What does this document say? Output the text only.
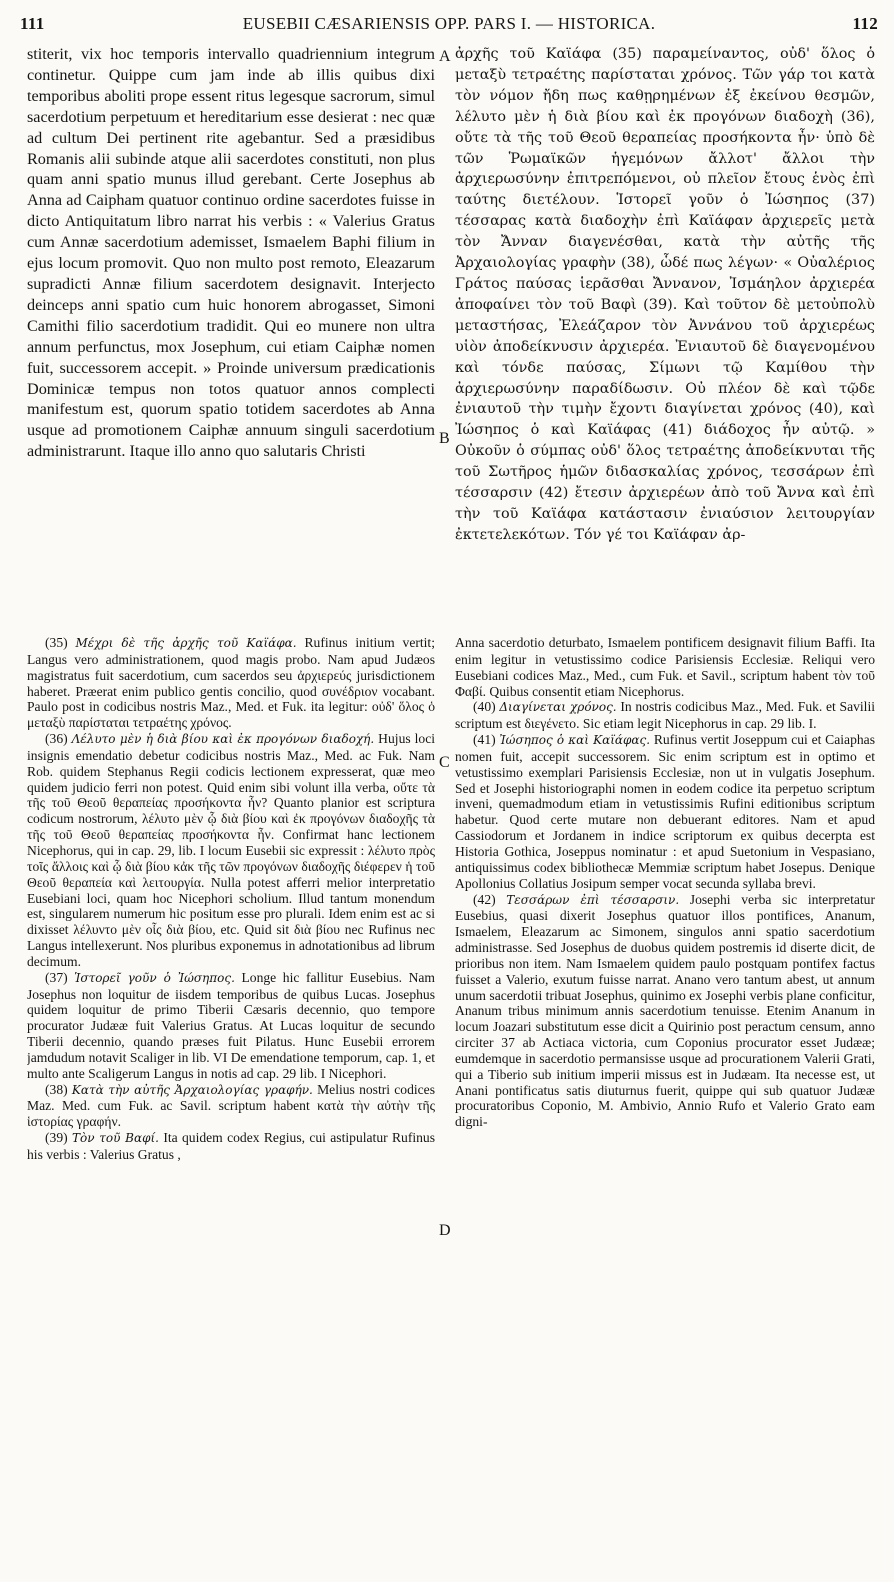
111	EUSEBII CÆSARIENSIS OPP. PARS I. — HISTORICA.	112

stiterit, vix hoc temporis intervallo quadriennium integrum continetur. Quippe cum jam inde ab illis quibus dixi temporibus aboliti prope essent ritus legesque sacrorum, simul sacerdotium perpetuum et hereditarium esse desierat : nec quæ ad cultum Dei pertinent rite agebantur. Sed a præsidibus Romanis alii subinde atque alii sacerdotes constituti, non plus quam anni spatio munus illud gerebant. Certe Josephus ab Anna ad Caipham quatuor continuo ordine sacerdotes fuisse in dicto Antiquitatum libro narrat his verbis : « Valerius Gratus cum Annæ sacerdotium ademisset, Ismaelem Baphi filium in ejus locum promovit. Quo non multo post remoto, Eleazarum supradicti Annæ filium sacerdotem designavit. Interjecto deinceps anni spatio cum huic honorem abrogasset, Simoni Camithi filio sacerdotium tradidit. Qui eo munere non ultra annum perfunctus, mox Josephum, cui etiam Caiphæ nomen fuit, successorem accepit. » Proinde universum prædicationis Dominicæ tempus non totos quatuor annos complecti manifestum est, quorum spatio totidem sacerdotes ab Anna usque ad promotionem Caiphæ annuum singuli sacerdotium administrarunt. Itaque illo anno quo salutaris Christi

ἀρχῆς τοῦ Καϊάφα (35) παραμείναντος, οὐδ' ὅλος ὁ μεταξὺ τετραέτης παρίσταται χρόνος. Τῶν γάρ τοι κατὰ τὸν νόμον ἤδη πως καθῃρημένων ἐξ ἐκείνου θεσμῶν, λέλυτο μὲν ἡ διὰ βίου καὶ ἐκ προγόνων διαδοχὴ (36), οὔτε τὰ τῆς τοῦ Θεοῦ θεραπείας προσήκοντα ἦν· ὑπὸ δὲ τῶν Ῥωμαϊκῶν ἡγεμόνων ἄλλοτ' ἄλλοι τὴν ἀρχιερωσύνην ἐπιτρεπόμενοι, οὐ πλεῖον ἔτους ἑνὸς ἐπὶ ταύτης διετέλουν. Ἱστορεῖ γοῦν ὁ Ἰώσηπος (37) τέσσαρας κατὰ διαδοχὴν ἐπὶ Καϊάφαν ἀρχιερεῖς μετὰ τὸν Ἄνναν διαγενέσθαι, κατὰ τὴν αὐτῆς τῆς Ἀρχαιολογίας γραφὴν (38), ὧδέ πως λέγων· « Οὐαλέριος Γράτος παύσας ἱερᾶσθαι Ἄννανον, Ἰσμάηλον ἀρχιερέα ἀποφαίνει τὸν τοῦ Βαφὶ (39). Καὶ τοῦτον δὲ μετοὐπολὺ μεταστήσας, Ἐλεάζαρον τὸν Ἀννάνου τοῦ ἀρχιερέως υἱὸν ἀποδείκνυσιν ἀρχιερέα. Ἐνιαυτοῦ δὲ διαγενομένου καὶ τόνδε παύσας, Σίμωνι τῷ Καμίθου τὴν ἀρχιερωσύνην παραδίδωσιν. Οὐ πλέον δὲ καὶ τῷδε ἐνιαυτοῦ τὴν τιμὴν ἔχοντι διαγίνεται χρόνος (40), καὶ Ἰώσηπος ὁ καὶ Καϊάφας (41) διάδοχος ἦν αὐτῷ. » Οὐκοῦν ὁ σύμπας οὐδ' ὅλος τετραέτης ἀποδείκνυται τῆς τοῦ Σωτῆρος ἡμῶν διδασκαλίας χρόνος, τεσσάρων ἐπὶ τέσσαρσιν (42) ἔτεσιν ἀρχιερέων ἀπὸ τοῦ Ἄννα καὶ ἐπὶ τὴν τοῦ Καϊάφα κατάστασιν ἐνιαύσιον λειτουργίαν ἐκτετελεκότων. Τόν γέ τοι Καϊάφαν ἀρ-

A
B
C
D

(35) Μέχρι δὲ τῆς ἀρχῆς τοῦ Καϊάφα. Rufinus initium vertit; Langus vero administrationem, quod magis probo. Nam apud Judæos magistratus fuit sacerdotium, cum sacerdos seu ἀρχιερεύς jurisdictionem haberet. Præerat enim publico gentis concilio, quod συνέδριον vocabant. Paulo post in codicibus nostris Maz., Med. et Fuk. ita legitur: οὐδ' ὅλος ὁ μεταξὺ παρίσταται τετραέτης χρόνος.

(36) Λέλυτο μὲν ἡ διὰ βίου καὶ ἐκ προγόνων διαδοχή. Hujus loci insignis emendatio debetur codicibus nostris Maz., Med. ac Fuk. Nam Rob. quidem Stephanus Regii codicis lectionem expresserat, quæ meo quidem judicio ferri non potest. Quid enim sibi volunt illa verba, οὔτε τὰ τῆς τοῦ Θεοῦ θεραπείας προσήκοντα ἦν? Quanto planior est scriptura codicum nostrorum, λέλυτο μὲν ᾧ διὰ βίου καὶ ἐκ προγόνων διαδοχῆς τὰ τῆς τοῦ Θεοῦ θεραπείας προσήκοντα ἦν. Confirmat hanc lectionem Nicephorus, qui in cap. 29, lib. I locum Eusebii sic expressit : λέλυτο πρὸς τοῖς ἄλλοις καὶ ᾧ διὰ βίου κἀκ τῆς τῶν προγόνων διαδοχῆς διέφερεν ἡ τοῦ Θεοῦ θεραπεία καὶ λειτουργία. Nulla potest afferri melior interpretatio Eusebiani loci, quam hoc Nicephori scholium. Illud tantum monendum est, singularem numerum hic positum esse pro plurali. Idem enim est ac si dixisset λέλυντο μὲν οἷς διὰ βίου, etc. Quid sit διὰ βίου nec Rufinus nec Langus intellexerunt. Nos pluribus exponemus in adnotationibus ad librum decimum.

(37) Ἱστορεῖ γοῦν ὁ Ἰώσηπος. Longe hic fallitur Eusebius. Nam Josephus non loquitur de iisdem temporibus de quibus Lucas. Josephus quidem loquitur de primo Tiberii Cæsaris decennio, quo tempore procurator Judææ fuit Valerius Gratus. At Lucas loquitur de secundo Tiberii decennio, quando præses fuit Pilatus. Hunc Eusebii errorem jamdudum notavit Scaliger in lib. VI De emendatione temporum, cap. 1, et multo ante Scaligerum Langus in notis ad cap. 29 lib. I Nicephori.

(38) Κατὰ τὴν αὐτῆς Ἀρχαιολογίας γραφήν. Melius nostri codices Maz. Med. cum Fuk. ac Savil. scriptum habent κατὰ τὴν αὐτὴν τῆς ἱστορίας γραφήν.

(39) Τὸν τοῦ Βαφί. Ita quidem codex Regius, cui astipulatur Rufinus his verbis : Valerius Gratus ,

Anna sacerdotio deturbato, Ismaelem pontificem designavit filium Baffi. Ita enim legitur in vetustissimo codice Parisiensis Ecclesiæ. Reliqui vero Eusebiani codices Maz., Med., cum Fuk. et Savil., scriptum habent τὸν τοῦ Φαβί. Quibus consentit etiam Nicephorus.

(40) Διαγίνεται χρόνος. In nostris codicibus Maz., Med. Fuk. et Savilii scriptum est διεγένετο. Sic etiam legit Nicephorus in cap. 29 lib. I.

(41) Ἰώσηπος ὁ καὶ Καϊάφας. Rufinus vertit Joseppum cui et Caiaphas nomen fuit, accepit successorem. Sic enim scriptum est in optimo et vetustissimo exemplari Parisiensis Ecclesiæ, non ut in vulgatis Josephum. Sed et Josephi historiographi nomen in eodem codice ita perpetuo scriptum inveni, quemadmodum etiam in vetustissimis Rufini editionibus scriptum habetur. Quod certe mutare non debuerant editores. Nam et apud Cassiodorum et Jordanem in indice scriptorum ex quibus decerpta est Historia Gothica, Joseppus nominatur : et apud Suetonium in Vespasiano, antiquissimus codex bibliothecæ Memmiæ scriptum habet Josepus. Denique Apollonius Collatius Josipum semper vocat secunda syllaba brevi.

(42) Τεσσάρων ἐπὶ τέσσαρσιν. Josephi verba sic interpretatur Eusebius, quasi dixerit Josephus quatuor illos pontifices, Ananum, Ismaelem, Eleazarum ac Simonem, singulos anni spatio sacerdotium administrasse. Sed Josephus de duobus quidem postremis id diserte dicit, de prioribus non item. Nam Ismaelem quidem paulo postquam pontifex factus fuisset a Valerio, exutum fuisse narrat. Anano vero tantum abest, ut annum unum sacerdotii tribuat Josephus, quinimo ex Josephi verbis plane conficitur, Ananum tribus minimum annis sacerdotium tenuisse. Etenim Ananum in locum Joazari substitutum esse dicit a Quirinio post peractum censum, anno circiter 37 ab Actiaca victoria, cum Coponius procurator esset Judææ; eumdemque in sacerdotio permansisse usque ad procurationem Valerii Grati, qui a Tiberio sub initium imperii missus est in Judæam. Ita necesse est, ut Anani pontificatus satis diuturnus fuerit, quippe qui sub quatuor Judææ procuratoribus Coponio, M. Ambivio, Annio Rufo et Valerio Grato eam digni-
